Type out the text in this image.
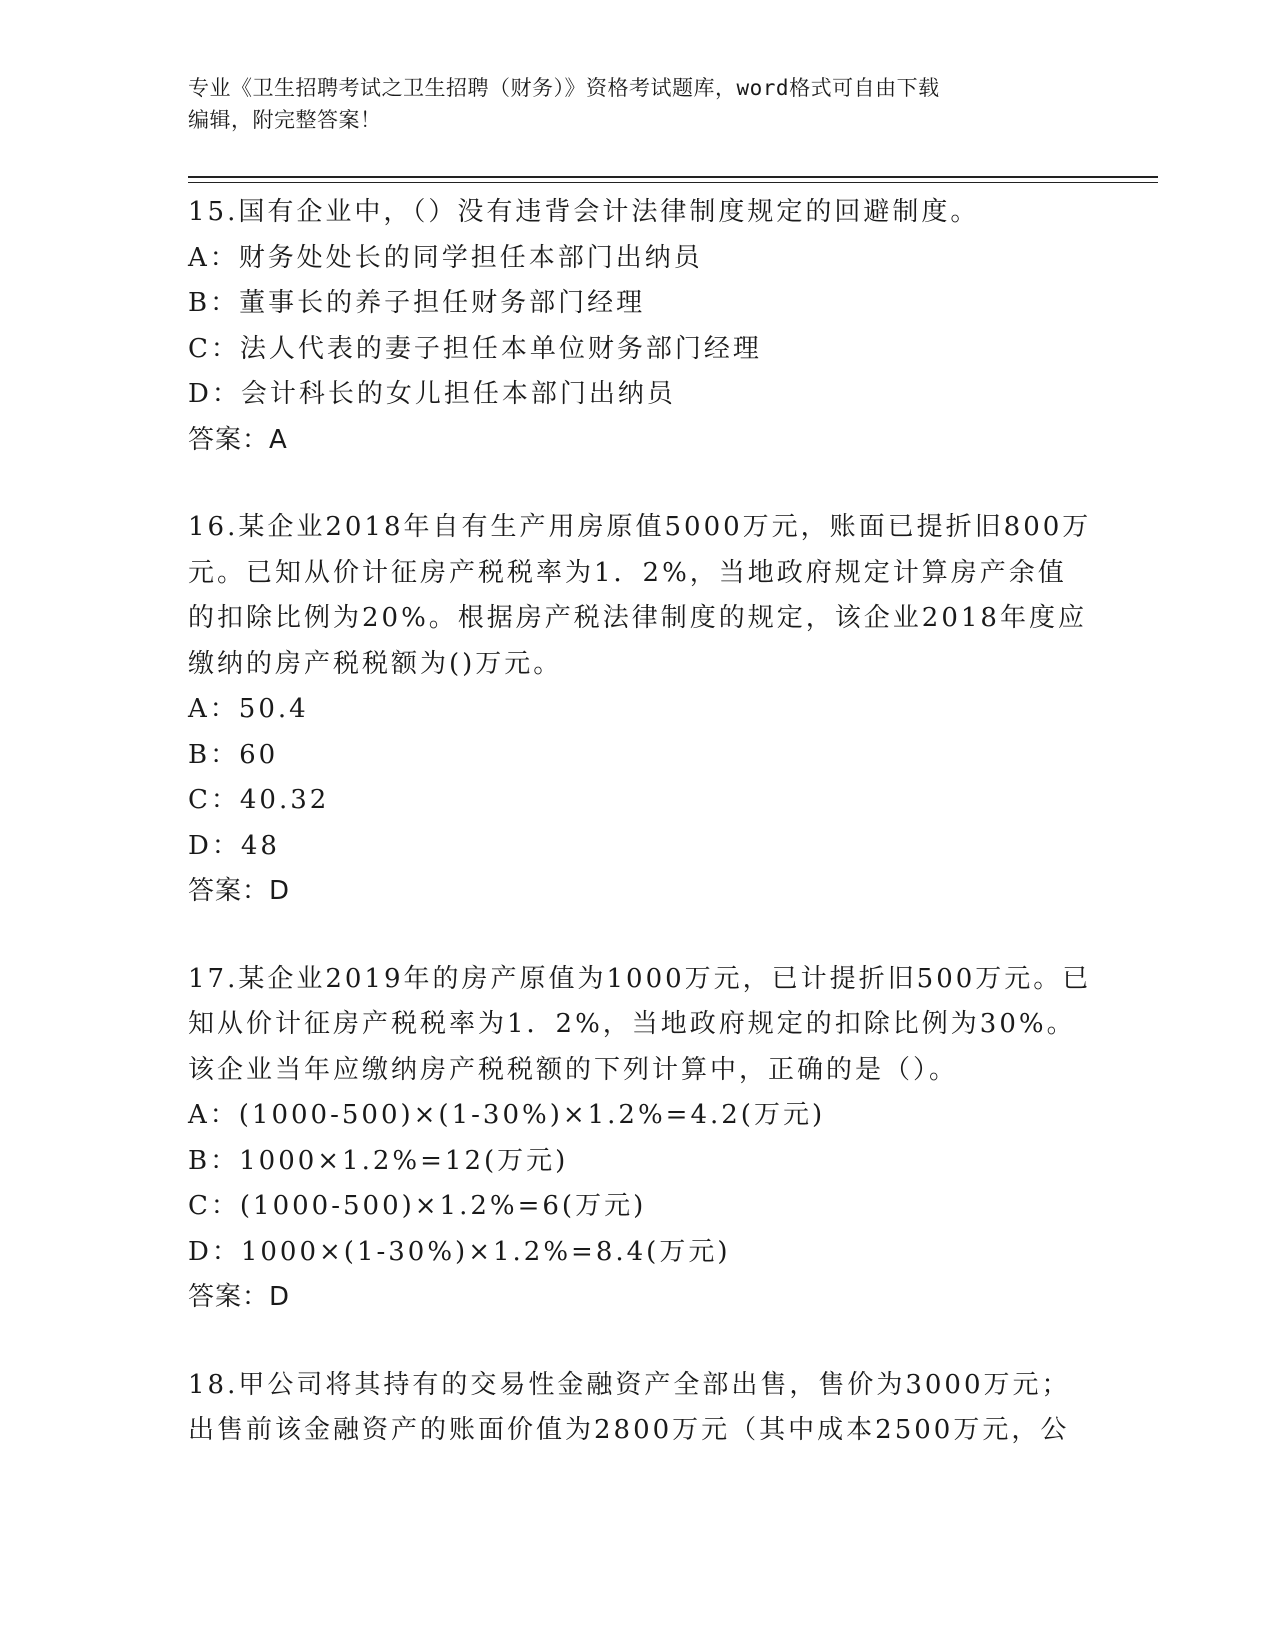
专业《卫生招聘考试之卫生招聘（财务）》资格考试题库，word格式可自由下载
编辑，附完整答案！
15.国有企业中，（）没有违背会计法律制度规定的回避制度。
A：财务处处长的同学担任本部门出纳员
B：董事长的养子担任财务部门经理
C：法人代表的妻子担任本单位财务部门经理
D：会计科长的女儿担任本部门出纳员
答案：A
16.某企业2018年自有生产用房原值5000万元，账面已提折旧800万
元。已知从价计征房产税税率为1．2%，当地政府规定计算房产余值
的扣除比例为20%。根据房产税法律制度的规定，该企业2018年度应
缴纳的房产税税额为()万元。
A：50.4
B：60
C：40.32
D：48
答案：D
17.某企业2019年的房产原值为1000万元，已计提折旧500万元。已
知从价计征房产税税率为1．2%，当地政府规定的扣除比例为30%。
该企业当年应缴纳房产税税额的下列计算中，正确的是（）。
A：(1000-500)×(1-30%)×1.2%=4.2(万元)
B：1000×1.2%=12(万元)
C：(1000-500)×1.2%=6(万元)
D：1000×(1-30%)×1.2%=8.4(万元)
答案：D
18.甲公司将其持有的交易性金融资产全部出售，售价为3000万元；
出售前该金融资产的账面价值为2800万元（其中成本2500万元，公
